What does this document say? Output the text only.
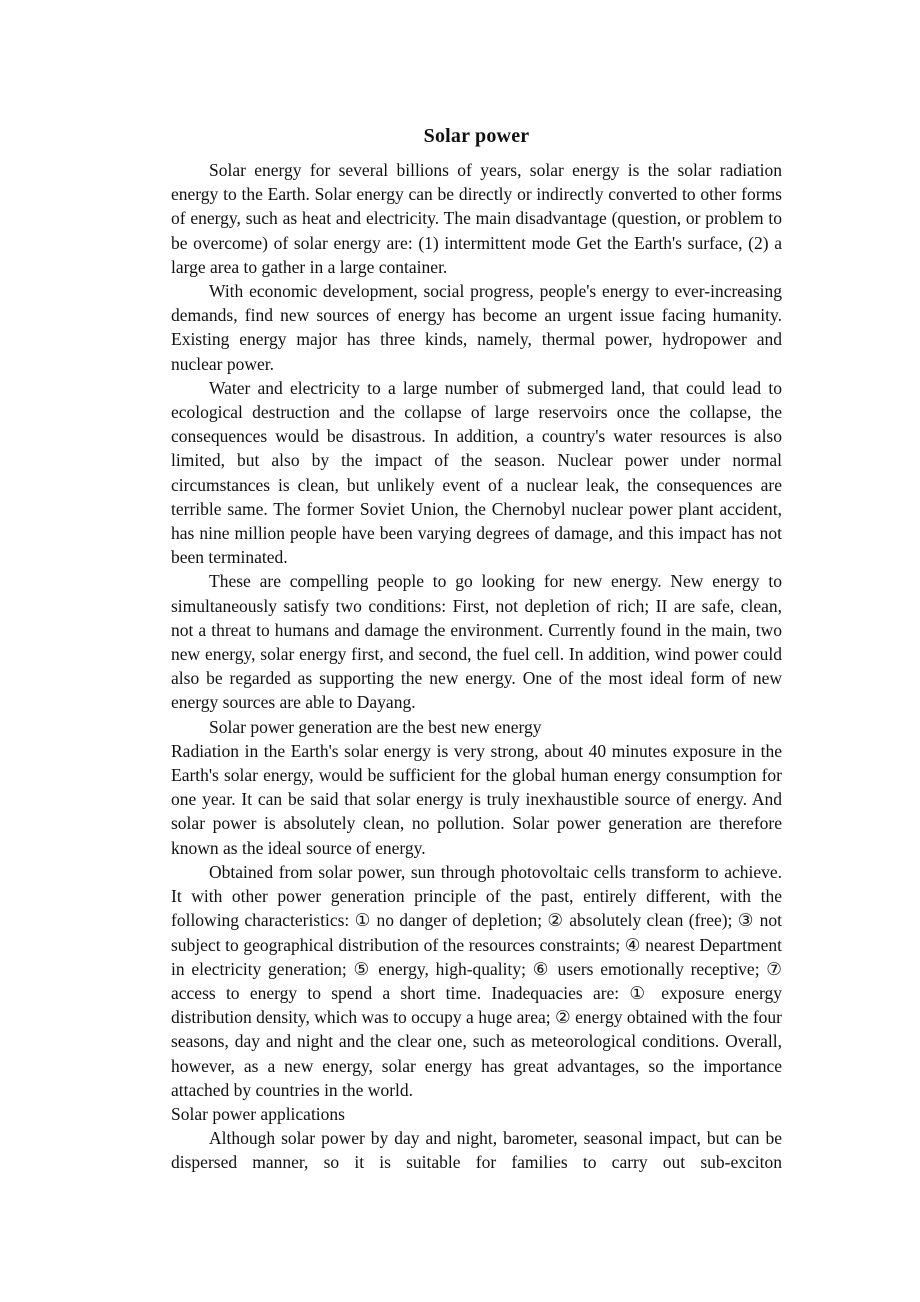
Solar power

Solar energy for several billions of years, solar energy is the solar radiation energy to the Earth. Solar energy can be directly or indirectly converted to other forms of energy, such as heat and electricity. The main disadvantage (question, or problem to be overcome) of solar energy are: (1) intermittent mode Get the Earth's surface, (2) a large area to gather in a large container.

With economic development, social progress, people's energy to ever-increasing demands, find new sources of energy has become an urgent issue facing humanity. Existing energy major has three kinds, namely, thermal power, hydropower and nuclear power.

Water and electricity to a large number of submerged land, that could lead to ecological destruction and the collapse of large reservoirs once the collapse, the consequences would be disastrous. In addition, a country's water resources is also limited, but also by the impact of the season. Nuclear power under normal circumstances is clean, but unlikely event of a nuclear leak, the consequences are terrible same. The former Soviet Union, the Chernobyl nuclear power plant accident, has nine million people have been varying degrees of damage, and this impact has not been terminated.

These are compelling people to go looking for new energy. New energy to simultaneously satisfy two conditions: First, not depletion of rich; II are safe, clean, not a threat to humans and damage the environment. Currently found in the main, two new energy, solar energy first, and second, the fuel cell. In addition, wind power could also be regarded as supporting the new energy. One of the most ideal form of new energy sources are able to Dayang.

Solar power generation are the best new energy

Radiation in the Earth's solar energy is very strong, about 40 minutes exposure in the Earth's solar energy, would be sufficient for the global human energy consumption for one year. It can be said that solar energy is truly inexhaustible source of energy. And solar power is absolutely clean, no pollution. Solar power generation are therefore known as the ideal source of energy.

Obtained from solar power, sun through photovoltaic cells transform to achieve. It with other power generation principle of the past, entirely different, with the following characteristics: ① no danger of depletion; ② absolutely clean (free); ③ not subject to geographical distribution of the resources constraints; ④ nearest Department in electricity generation; ⑤ energy, high-quality; ⑥ users emotionally receptive; ⑦ access to energy to spend a short time. Inadequacies are: ① exposure energy distribution density, which was to occupy a huge area; ② energy obtained with the four seasons, day and night and the clear one, such as meteorological conditions. Overall, however, as a new energy, solar energy has great advantages, so the importance attached by countries in the world.

Solar power applications

Although solar power by day and night, barometer, seasonal impact, but can be dispersed manner, so it is suitable for families to carry out sub-exciton
